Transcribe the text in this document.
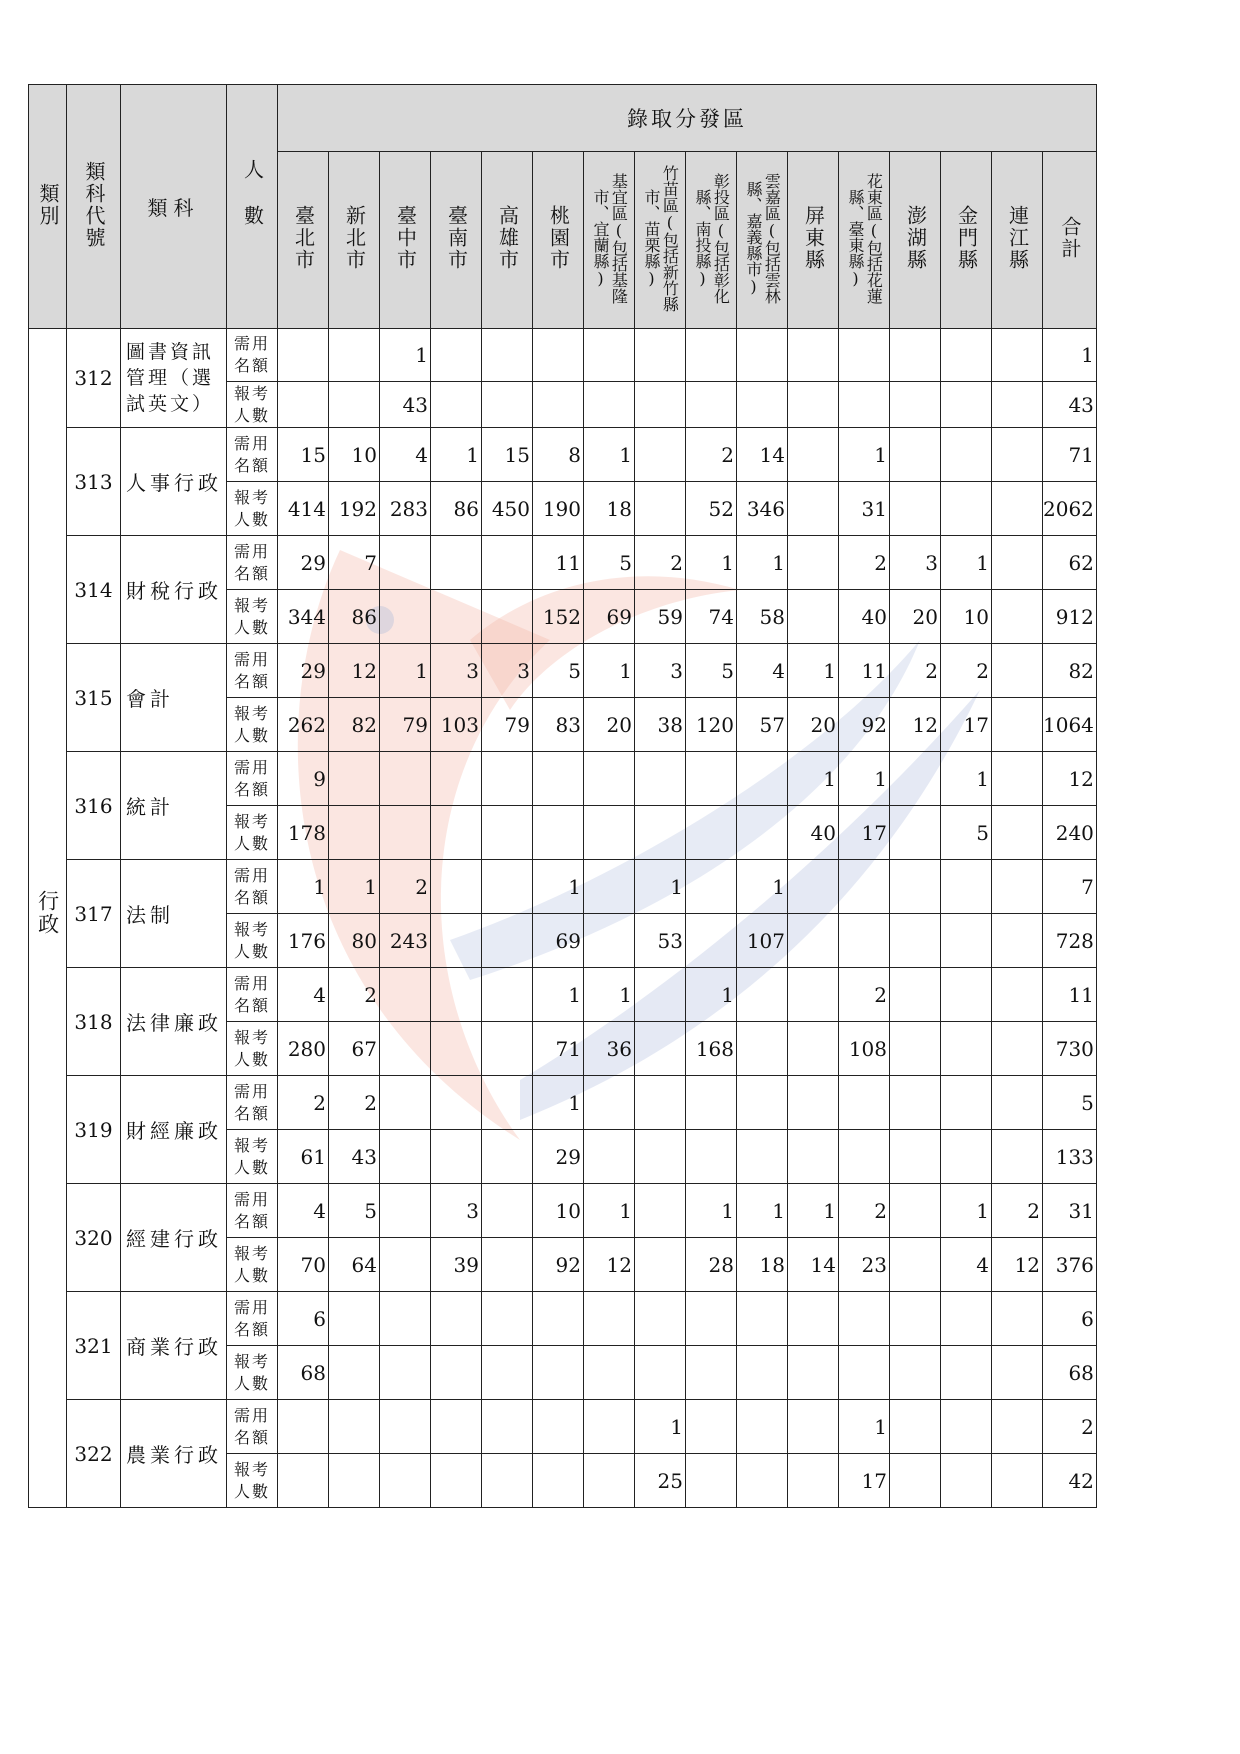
類別	類科代號	類科	人數	錄取分發區															
				臺北市	新北市	臺中市	臺南市	高雄市	桃園市	基宜區(包括基隆市、宜蘭縣)	竹苗區(包括新竹縣市、苗栗縣)	彰投區(包括彰化縣、南投縣)	雲嘉區(包括雲林縣、嘉義縣市)	屏東縣	花東區(包括花蓮縣、臺東縣)	澎湖縣	金門縣	連江縣	合計
行政	312	圖書資訊管理（選試英文）	需用名額			1													1
			報考人數			43													43
	313	人事行政	需用名額	15	10	4	1	15	8	1		2	14		1				71
			報考人數	414	192	283	86	450	190	18		52	346		31				2062
	314	財稅行政	需用名額	29	7				11	5	2	1	1		2	3	1		62
			報考人數	344	86				152	69	59	74	58		40	20	10		912
	315	會計	需用名額	29	12	1	3	3	5	1	3	5	4	1	11	2	2		82
			報考人數	262	82	79	103	79	83	20	38	120	57	20	92	12	17		1064
	316	統計	需用名額	9										1	1		1		12
			報考人數	178										40	17		5		240
	317	法制	需用名額	1	1	2			1		1		1						7
			報考人數	176	80	243			69		53		107						728
	318	法律廉政	需用名額	4	2				1	1		1			2				11
			報考人數	280	67				71	36		168			108				730
	319	財經廉政	需用名額	2	2				1										5
			報考人數	61	43				29										133
	320	經建行政	需用名額	4	5		3		10	1		1	1	1	2		1	2	31
			報考人數	70	64		39		92	12		28	18	14	23		4	12	376
	321	商業行政	需用名額	6															6
			報考人數	68															68
	322	農業行政	需用名額								1				1				2
			報考人數								25				17				42
